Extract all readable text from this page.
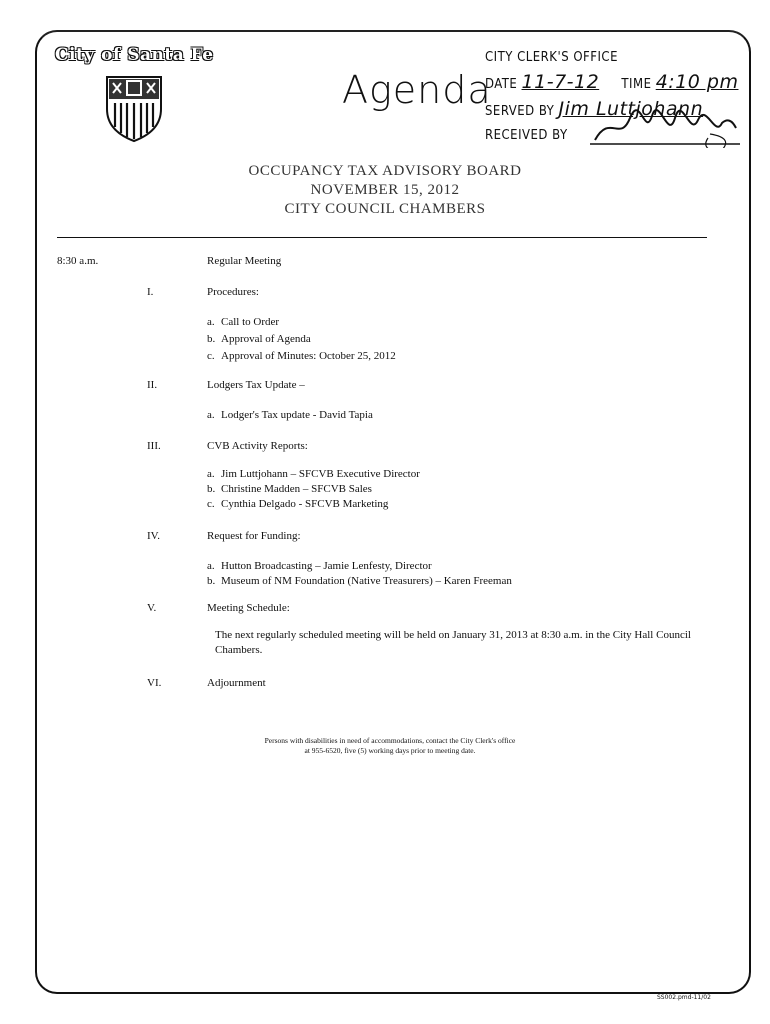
City of Santa Fe
Agenda
CITY CLERK'S OFFICE
DATE 11-7-12 TIME 4:10 pm
SERVED BY Jim Luttjohann
RECEIVED BY
OCCUPANCY TAX ADVISORY BOARD
NOVEMBER 15, 2012
CITY COUNCIL CHAMBERS
8:30 a.m.	Regular Meeting
I.	Procedures:
a. Call to Order
b. Approval of Agenda
c. Approval of Minutes: October 25, 2012
II.	Lodgers Tax Update –
a. Lodger's Tax update - David Tapia
III.	CVB Activity Reports:
a. Jim Luttjohann – SFCVB Executive Director
b. Christine Madden – SFCVB Sales
c. Cynthia Delgado - SFCVB Marketing
IV.	Request for Funding:
a. Hutton Broadcasting – Jamie Lenfesty, Director
b. Museum of NM Foundation (Native Treasurers) – Karen Freeman
V.	Meeting Schedule:
The next regularly scheduled meeting will be held on January 31, 2013 at 8:30 a.m. in the City Hall Council Chambers.
VI.	Adjournment
Persons with disabilities in need of accommodations, contact the City Clerk's office
at 955-6520, five (5) working days prior to meeting date.
SS002.pmd-11/02
